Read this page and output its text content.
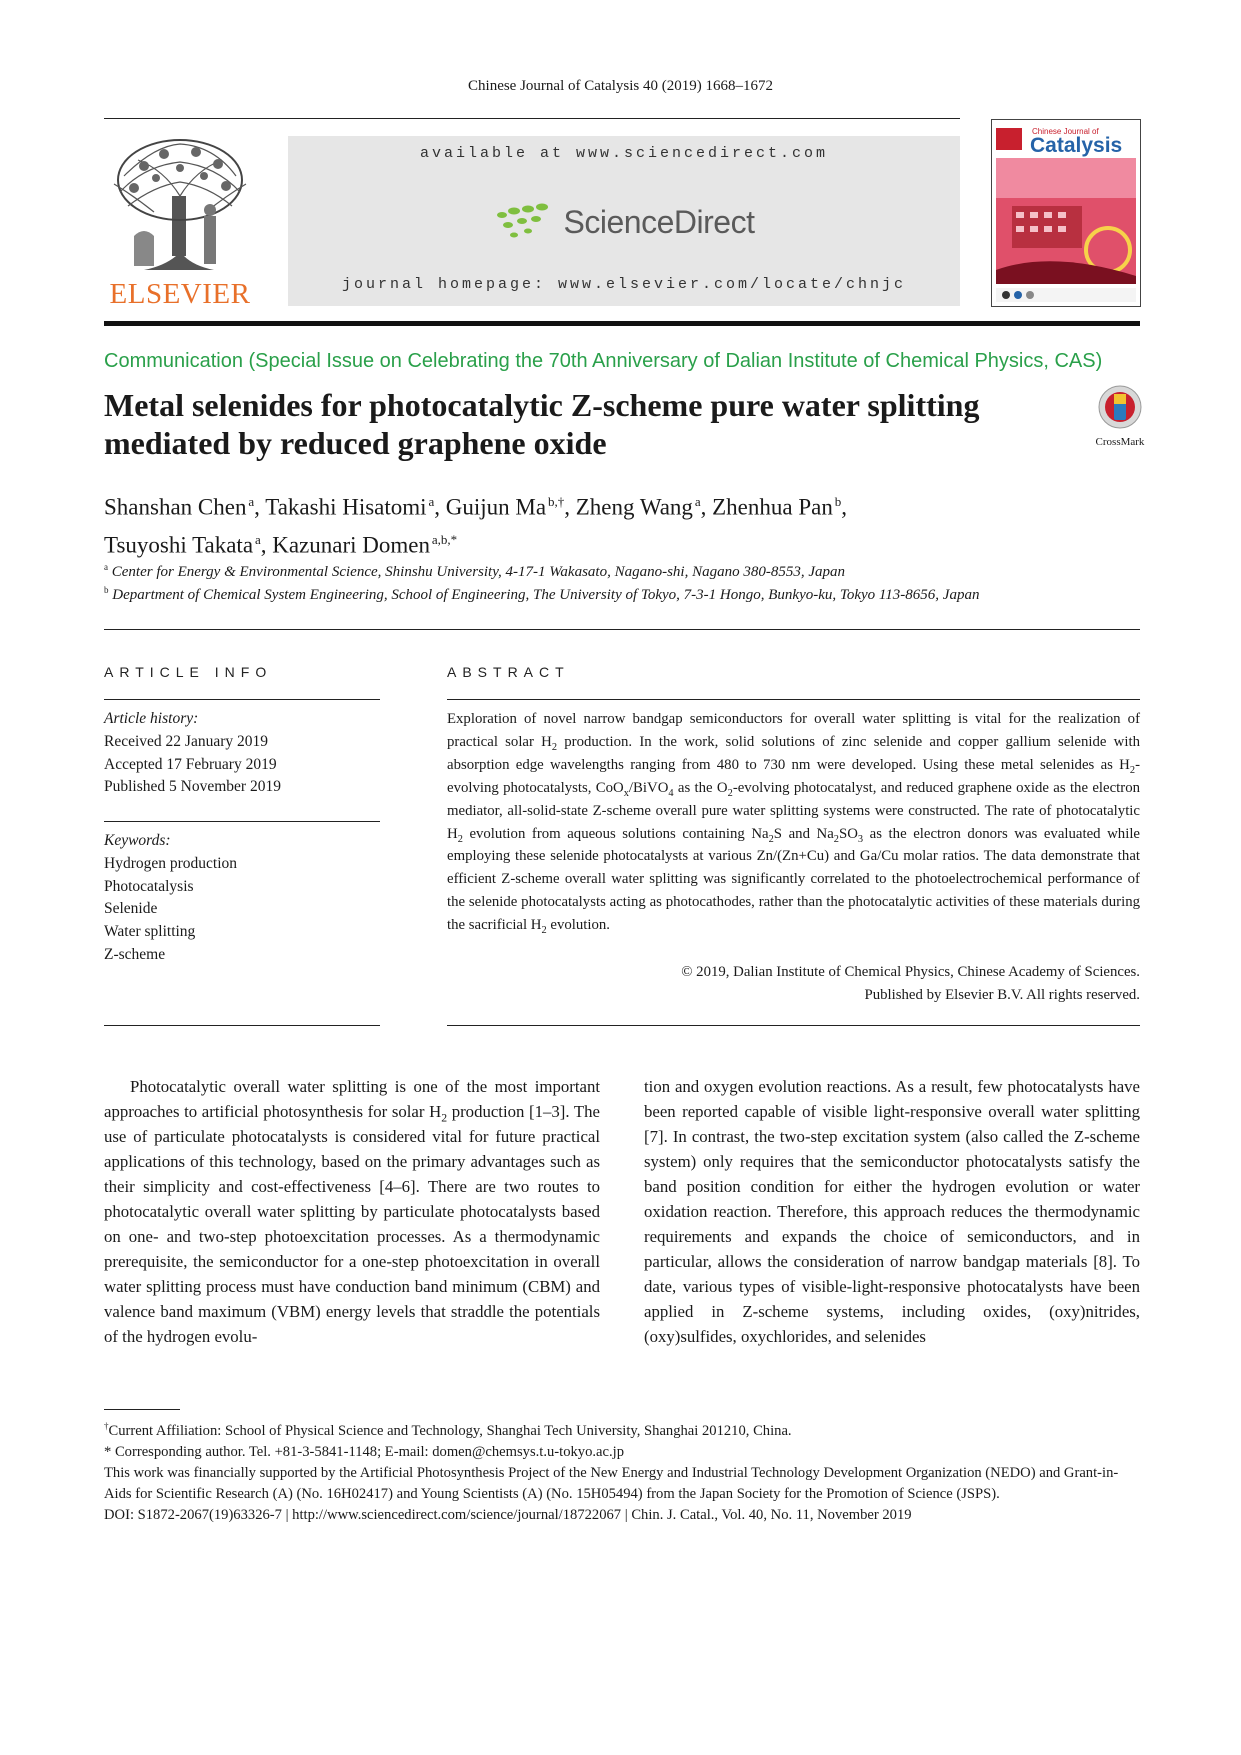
Chinese Journal of Catalysis 40 (2019) 1668–1672
ELSEVIER
available at www.sciencedirect.com
ScienceDirect
journal homepage: www.elsevier.com/locate/chnjc
Chinese Journal of
Catalysis
Communication (Special Issue on Celebrating the 70th Anniversary of Dalian Institute of Chemical Physics, CAS)
Metal selenides for photocatalytic Z-scheme pure water splitting
mediated by reduced graphene oxide	CrossMark
Shanshan Chen  $^a$, Takashi Hisatomi  $^a$, Guijun Ma  $^{b,\dagger}$, Zheng Wang  $^a$, Zhenhua Pan  $^b$,
Tsuyoshi Takata  $^a$, Kazunari Domen  $^{a,b,*}$
$^a$ Center for Energy & Environmental Science, Shinshu University, 4-17-1 Wakasato, Nagano-shi, Nagano 380-8553, Japan
$^b$ Department of Chemical System Engineering, School of Engineering, The University of Tokyo, 7-3-1 Hongo, Bunkyo-ku, Tokyo 113-8656, Japan
ARTICLE INFO
Article history:
Received 22 January 2019
Accepted 17 February 2019
Published 5 November 2019
Keywords:
Hydrogen production
Photocatalysis
Selenide
Water splitting
Z-scheme
ABSTRACT
Exploration of novel narrow bandgap semiconductors for overall water splitting is vital for the realization of practical solar $H_2$ production. In the work, solid solutions of zinc selenide and copper gallium selenide with absorption edge wavelengths ranging from 480 to 730 nm were developed. Using these metal selenides as $H_2$-evolving photocatalysts, CoO$_x$/BiVO$_4$ as the $O_2$-evolving photocatalyst, and reduced graphene oxide as the electron mediator, all-solid-state Z-scheme overall pure water splitting systems were constructed. The rate of photocatalytic $H_2$ evolution from aqueous solutions containing $Na_2S$ and $Na_2SO_3$ as the electron donors was evaluated while employing these selenide photocatalysts at various Zn/(Zn+Cu) and Ga/Cu molar ratios. The data demonstrate that efficient Z-scheme overall water splitting was significantly correlated to the photoelectrochemical performance of the selenide photocatalysts acting as photocathodes, rather than the photocatalytic activities of these materials during the sacrificial $H_2$ evolution.
© 2019, Dalian Institute of Chemical Physics, Chinese Academy of Sciences.
Published by Elsevier B.V. All rights reserved.

Photocatalytic overall water splitting is one of the most important approaches to artificial photosynthesis for solar $H_2$ production [1–3]. The use of particulate photocatalysts is considered vital for future practical applications of this technology, based on the primary advantages such as their simplicity and cost-effectiveness [4–6]. There are two routes to photocatalytic overall water splitting by particulate photocatalysts based on one- and two-step photoexcitation processes. As a thermodynamic prerequisite, the semiconductor for a one-step photoexcitation in overall water splitting process must have conduction band minimum (CBM) and valence band maximum (VBM) energy levels that straddle the potentials of the hydrogen evolu-

tion and oxygen evolution reactions. As a result, few photocatalysts have been reported capable of visible light-responsive overall water splitting [7]. In contrast, the two-step excitation system (also called the Z-scheme system) only requires that the semiconductor photocatalysts satisfy the band position condition for either the hydrogen evolution or water oxidation reaction. Therefore, this approach reduces the thermodynamic requirements and expands the choice of semiconductors, and in particular, allows the consideration of narrow bandgap materials [8]. To date, various types of visible-light-responsive photocatalysts have been applied in Z-scheme systems, including oxides, (oxy)nitrides, (oxy)sulfides, oxychlorides, and selenides

†Current Affiliation: School of Physical Science and Technology, Shanghai Tech University, Shanghai 201210, China.
* Corresponding author. Tel. +81-3-5841-1148; E-mail: domen@chemsys.t.u-tokyo.ac.jp
This work was financially supported by the Artificial Photosynthesis Project of the New Energy and Industrial Technology Development Organization (NEDO) and Grant-in-Aids for Scientific Research (A) (No. 16H02417) and Young Scientists (A) (No. 15H05494) from the Japan Society for the Promotion of Science (JSPS).
DOI: S1872-2067(19)63326-7 | http://www.sciencedirect.com/science/journal/18722067 | Chin. J. Catal., Vol. 40, No. 11, November 2019
